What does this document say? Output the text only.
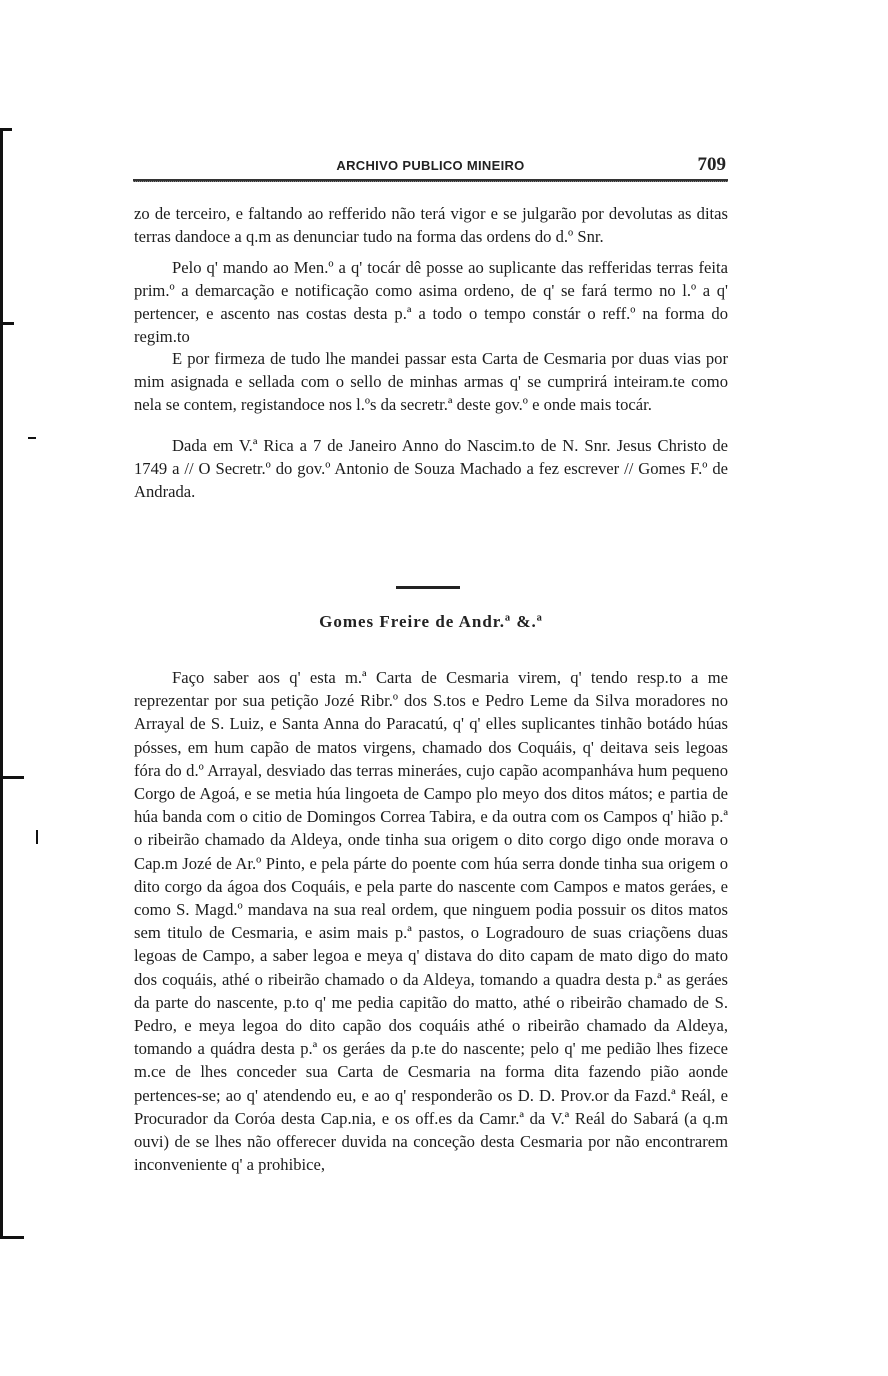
ARCHIVO PUBLICO MINEIRO	709

zo de terceiro, e faltando ao refferido não terá vigor e se julgarão por devolutas as ditas terras dandoce a q.m as denunciar tudo na forma das ordens do d.º Snr.

Pelo q' mando ao Men.º a q' tocár dê posse ao suplicante das refferidas terras feita prim.º a demarcação e notificação como asima ordeno, de q' se fará termo no l.º a q' pertencer, e ascento nas costas desta p.ª a todo o tempo constár o reff.º na forma do regim.to

E por firmeza de tudo lhe mandei passar esta Carta de Cesmaria por duas vias por mim asignada e sellada com o sello de minhas armas q' se cumprirá inteiram.te como nela se contem, registandoce nos l.ºs da secretr.ª deste gov.º e onde mais tocár.

Dada em V.ª Rica a 7 de Janeiro Anno do Nascim.to de N. Snr. Jesus Christo de 1749 a // O Secretr.º do gov.º Antonio de Souza Machado a fez escrever // Gomes F.º de Andrada.

Gomes Freire de Andr.ª &.ª

Faço saber aos q' esta m.ª Carta de Cesmaria virem, q' tendo resp.to a me reprezentar por sua petição Jozé Ribr.º dos S.tos e Pedro Leme da Silva moradores no Arrayal de S. Luiz, e Santa Anna do Paracatú, q' q' elles suplicantes tinhão botádo húas pósses, em hum capão de matos virgens, chamado dos Coquáis, q' deitava seis legoas fóra do d.º Arrayal, desviado das terras mineráes, cujo capão acompanháva hum pequeno Corgo de Agoá, e se metia húa lingoeta de Campo plo meyo dos ditos mátos; e partia de húa banda com o citio de Domingos Correa Tabira, e da outra com os Campos q' hião p.ª o ribeirão chamado da Aldeya, onde tinha sua origem o dito corgo digo onde morava o Cap.m Jozé de Ar.º Pinto, e pela párte do poente com húa serra donde tinha sua origem o dito corgo da ágoa dos Coquáis, e pela parte do nascente com Campos e matos geráes, e como S. Magd.º mandava na sua real ordem, que ninguem podia possuir os ditos matos sem titulo de Cesmaria, e asim mais p.ª pastos, o Logradouro de suas criaçõens duas legoas de Campo, a saber legoa e meya q' distava do dito capam de mato digo do mato dos coquáis, athé o ribeirão chamado o da Aldeya, tomando a quadra desta p.ª as geráes da parte do nascente, p.to q' me pedia capitão do matto, athé o ribeirão chamado de S. Pedro, e meya legoa do dito capão dos coquáis athé o ribeirão chamado da Aldeya, tomando a quádra desta p.ª os geráes da p.te do nascente; pelo q' me pedião lhes fizece m.ce de lhes conceder sua Carta de Cesmaria na forma dita fazendo pião aonde pertences-se; ao q' atendendo eu, e ao q' responderão os D. D. Prov.or da Fazd.ª Reál, e Procurador da Coróa desta Cap.nia, e os off.es da Camr.ª da V.ª Reál do Sabará (a q.m ouvi) de se lhes não offerecer duvida na conceção desta Cesmaria por não encontrarem inconveniente q' a prohibice,
